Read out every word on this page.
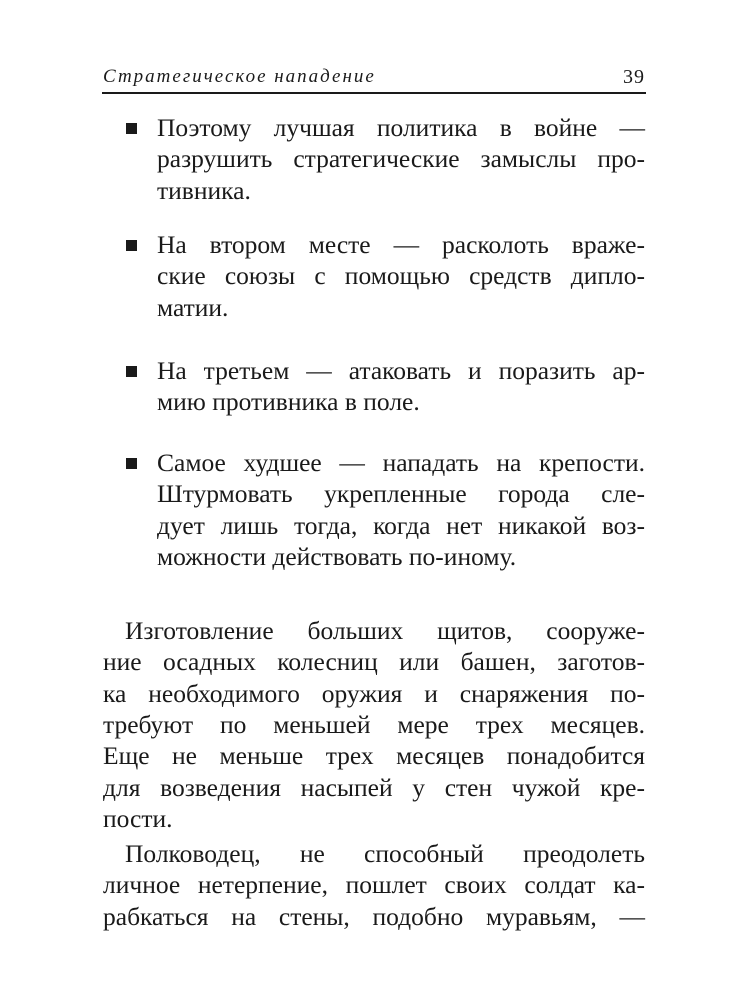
Стратегическое нападение	39
Поэтому лучшая политика в войне —
разрушить стратегические замыслы про-
тивника.
На втором месте — расколоть враже-
ские союзы с помощью средств дипло-
матии.
На третьем — атаковать и поразить ар-
мию противника в поле.
Самое худшее — нападать на крепости.
Штурмовать укрепленные города сле-
дует лишь тогда, когда нет никакой воз-
можности действовать по-иному.
Изготовление больших щитов, сооруже-
ние осадных колесниц или башен, заготов-
ка необходимого оружия и снаряжения по-
требуют по меньшей мере трех месяцев.
Еще не меньше трех месяцев понадобится
для возведения насыпей у стен чужой кре-
пости.
Полководец, не способный преодолеть
личное нетерпение, пошлет своих солдат ка-
рабкаться на стены, подобно муравьям, —
